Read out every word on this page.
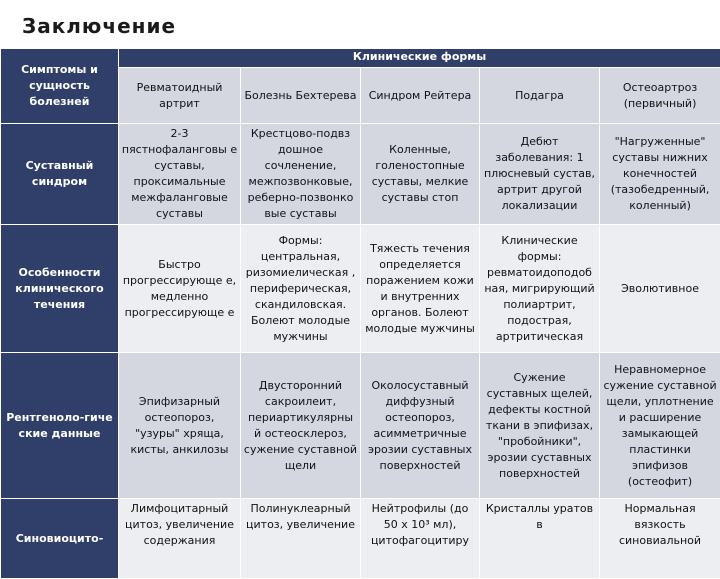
Заключение
Симптомы и сущность болезней	Клинические формы				
	Ревматоидный артрит	Болезнь Бехтерева	Синдром Рейтера	Подагра	Остеоартроз (первичный)
Суставный синдром	2-3 пястнофаланговы е суставы, проксимальные межфаланговые суставы	Крестцово-подвз дошное сочленение, межпозвонковые, реберно-позвонко вые суставы	Коленные, голеностопные суставы, мелкие суставы стоп	Дебют заболевания: 1 плюсневый сустав, артрит другой локализации	"Нагруженные" суставы нижних конечностей (тазобедренный, коленный)
Особенности клинического течения	Быстро прогрессирующе е, медленно прогрессирующе е	Формы: центральная, ризомиелическая , периферическая, скандиловская. Болеют молодые мужчины	Тяжесть течения определяется поражением кожи и внутренних органов. Болеют молодые мужчины	Клинические формы: ревматоидоподоб ная, мигрирующий полиартрит, подострая, артритическая	Эволютивное
Рентгеноло-гиче ские данные	Эпифизарный остеопороз, "узуры" хряща, кисты, анкилозы	Двусторонний сакроилеит, периартикулярны й остеосклероз, сужение суставной щели	Околосуставный диффузный остеопороз, асимметричные эрозии суставных поверхностей	Сужение суставных щелей, дефекты костной ткани в эпифизах, "пробойники", эрозии суставных поверхностей	Неравномерное сужение суставной щели, уплотнение и расширение замыкающей пластинки эпифизов (остеофит)
Синовиоцито-	Лимфоцитарный цитоз, увеличение содержания	Полинуклеарный цитоз, увеличение	Нейтрофилы (до 50 х 10³ мл), цитофагоцитиру	Кристаллы уратов в	Нормальная вязкость синовиальной
